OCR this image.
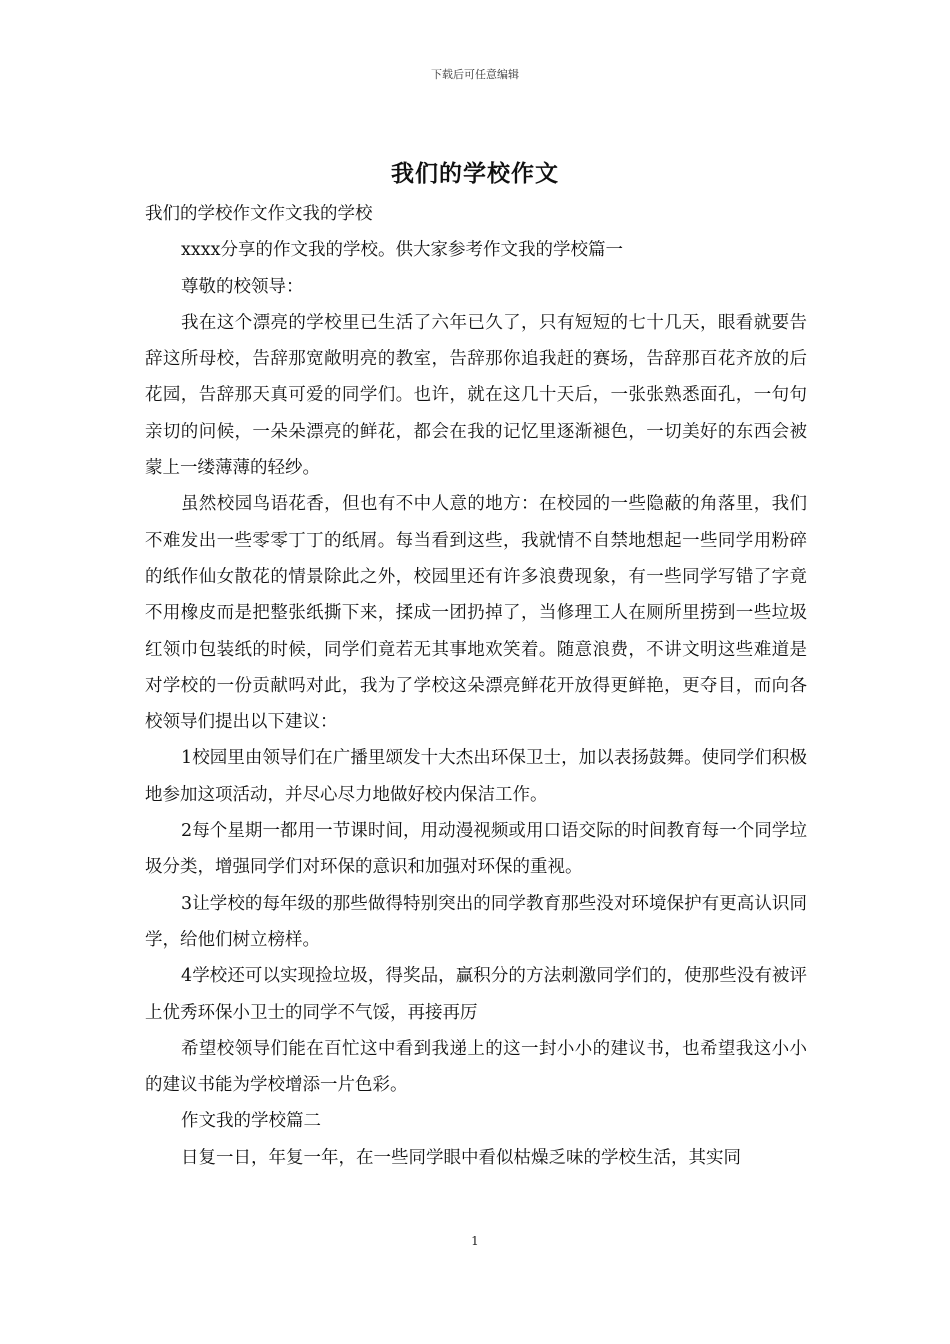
下载后可任意编辑
我们的学校作文

我们的学校作文作文我的学校

xxxx分享的作文我的学校。供大家参考作文我的学校篇一

尊敬的校领导：

我在这个漂亮的学校里已生活了六年已久了，只有短短的七十几天，眼看就要告辞这所母校，告辞那宽敞明亮的教室，告辞那你追我赶的赛场，告辞那百花齐放的后花园，告辞那天真可爱的同学们。也许，就在这几十天后，一张张熟悉面孔，一句句亲切的问候，一朵朵漂亮的鲜花，都会在我的记忆里逐渐褪色，一切美好的东西会被蒙上一缕薄薄的轻纱。

虽然校园鸟语花香，但也有不中人意的地方：在校园的一些隐蔽的角落里，我们不难发出一些零零丁丁的纸屑。每当看到这些，我就情不自禁地想起一些同学用粉碎的纸作仙女散花的情景除此之外，校园里还有许多浪费现象，有一些同学写错了字竟不用橡皮而是把整张纸撕下来，揉成一团扔掉了，当修理工人在厕所里捞到一些垃圾红领巾包装纸的时候，同学们竟若无其事地欢笑着。随意浪费，不讲文明这些难道是对学校的一份贡献吗对此，我为了学校这朵漂亮鲜花开放得更鲜艳，更夺目，而向各校领导们提出以下建议：

1校园里由领导们在广播里颂发十大杰出环保卫士，加以表扬鼓舞。使同学们积极地参加这项活动，并尽心尽力地做好校内保洁工作。

2每个星期一都用一节课时间，用动漫视频或用口语交际的时间教育每一个同学垃圾分类，增强同学们对环保的意识和加强对环保的重视。

3让学校的每年级的那些做得特别突出的同学教育那些没对环境保护有更高认识同学，给他们树立榜样。

4学校还可以实现捡垃圾，得奖品，赢积分的方法刺激同学们的，使那些没有被评上优秀环保小卫士的同学不气馁，再接再厉

希望校领导们能在百忙这中看到我递上的这一封小小的建议书，也希望我这小小的建议书能为学校增添一片色彩。

作文我的学校篇二

日复一日，年复一年，在一些同学眼中看似枯燥乏味的学校生活，其实同

1
